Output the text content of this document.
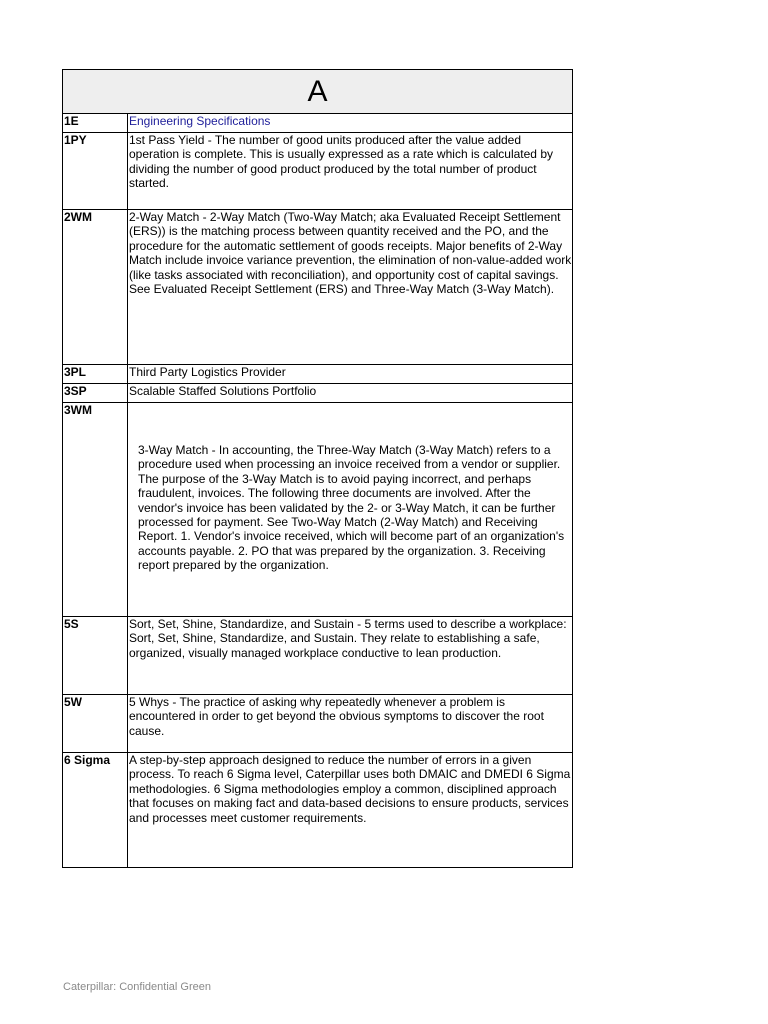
A	
1E	Engineering Specifications
1PY	1st Pass Yield - The number of good units produced after the value added operation is complete. This is usually expressed as a rate which is calculated by dividing the number of good product produced by the total number of product started.
2WM	2-Way Match - 2-Way Match (Two-Way Match; aka Evaluated Receipt Settlement (ERS)) is the matching process between quantity received and the PO, and the procedure for the automatic settlement of goods receipts. Major benefits of 2-Way Match include invoice variance prevention, the elimination of non-value-added work (like tasks associated with reconciliation), and opportunity cost of capital savings. See Evaluated Receipt Settlement (ERS) and Three-Way Match (3-Way Match).
3PL	Third Party Logistics Provider
3SP	Scalable Staffed Solutions Portfolio
3WM	3-Way Match - In accounting, the Three-Way Match (3-Way Match) refers to a procedure used when processing an invoice received from a vendor or supplier. The purpose of the 3-Way Match is to avoid paying incorrect, and perhaps fraudulent, invoices. The following three documents are involved. After the vendor's invoice has been validated by the 2- or 3-Way Match, it can be further processed for payment. See Two-Way Match (2-Way Match) and Receiving Report. 1. Vendor's invoice received, which will become part of an organization's accounts payable. 2. PO that was prepared by the organization. 3. Receiving report prepared by the organization.
5S	Sort, Set, Shine, Standardize, and Sustain - 5 terms used to describe a workplace: Sort, Set, Shine, Standardize, and Sustain. They relate to establishing a safe, organized, visually managed workplace conductive to lean production.
5W	5 Whys - The practice of asking why repeatedly whenever a problem is encountered in order to get beyond the obvious symptoms to discover the root cause.
6 Sigma	A step-by-step approach designed to reduce the number of errors in a given process. To reach 6 Sigma level, Caterpillar uses both DMAIC and DMEDI 6 Sigma methodologies. 6 Sigma methodologies employ a common, disciplined approach that focuses on making fact and data-based decisions to ensure products, services and processes meet customer requirements.
Caterpillar: Confidential Green
